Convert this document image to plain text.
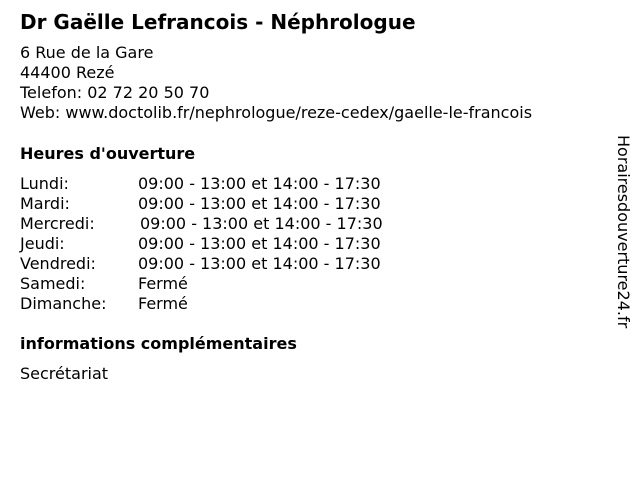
Dr Gaëlle Lefrancois - Néphrologue
6 Rue de la Gare
44400 Rezé
Telefon: 02 72 20 50 70
Web: www.doctolib.fr/nephrologue/reze-cedex/gaelle-le-francois
Heures d'ouverture
Lundi:	09:00 - 13:00 et 14:00 - 17:30
Mardi:	09:00 - 13:00 et 14:00 - 17:30
Mercredi:	09:00 - 13:00 et 14:00 - 17:30
Jeudi:	09:00 - 13:00 et 14:00 - 17:30
Vendredi:	09:00 - 13:00 et 14:00 - 17:30
Samedi:	Fermé
Dimanche: Fermé
informations complémentaires
Secrétariat
Horairesdouverture24.fr
